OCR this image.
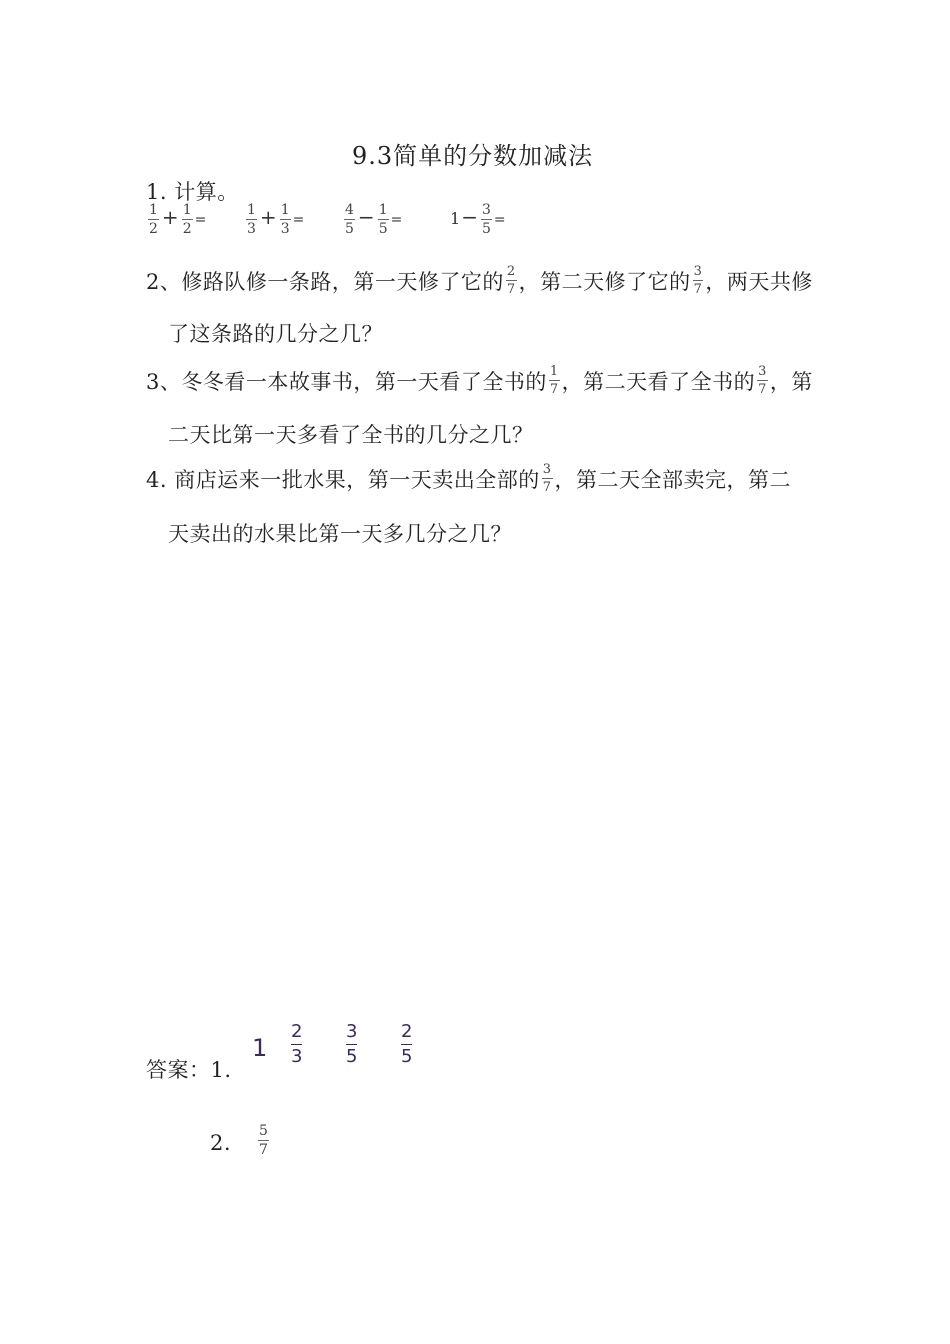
9.3简单的分数加减法
1. 计算。
$\frac{1}{2} + \frac{1}{2}$ =	$\frac{1}{3} + \frac{1}{3}$ =	$\frac{4}{5} - \frac{1}{5}$ =	$1- \frac{3}{5}$ =
2、修路队修一条路，第一天修了它的 $\frac{2}{7}$ ，第二天修了它的 $\frac{3}{7}$ ，两天共修
了这条路的几分之几？
3、冬冬看一本故事书，第一天看了全书的 $\frac{1}{7}$ ，第二天看了全书的 $\frac{3}{7}$ ，第
二天比第一天多看了全书的几分之几？
4. 商店运来一批水果，第一天卖出全部的 $\frac{3}{7}$ ，第二天全部卖完，第二
天卖出的水果比第一天多几分之几？
答案：1.
1
2
3
3
5
2
5
2. $\frac{5}{7}$
